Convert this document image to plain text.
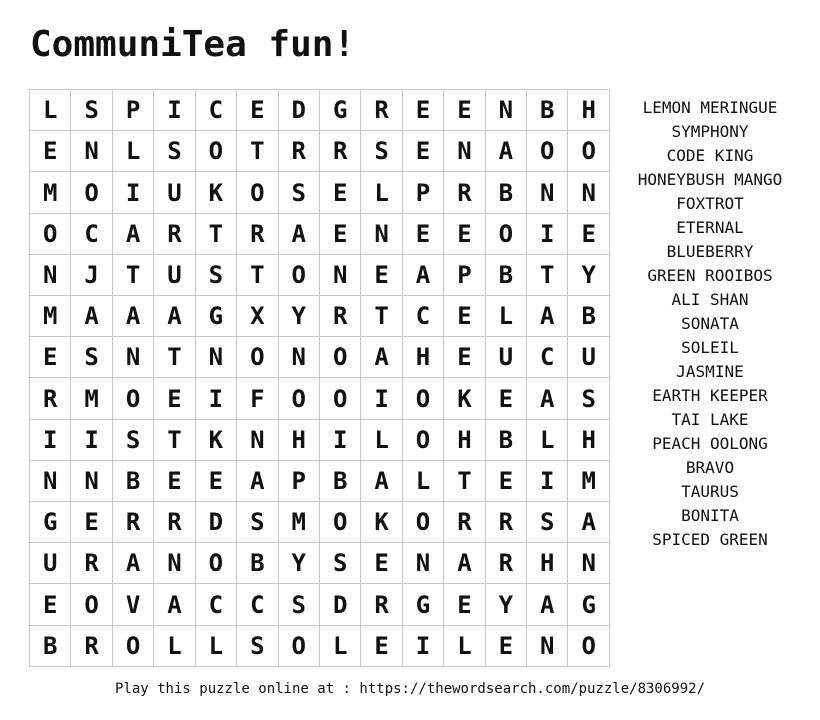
CommuniTea fun!
L	S	P	I	C	E	D	G	R	E	E	N	B	H
E	N	L	S	O	T	R	R	S	E	N	A	O	O
M	O	I	U	K	O	S	E	L	P	R	B	N	N
O	C	A	R	T	R	A	E	N	E	E	O	I	E
N	J	T	U	S	T	O	N	E	A	P	B	T	Y
M	A	A	A	G	X	Y	R	T	C	E	L	A	B
E	S	N	T	N	O	N	O	A	H	E	U	C	U
R	M	O	E	I	F	O	O	I	O	K	E	A	S
I	I	S	T	K	N	H	I	L	O	H	B	L	H
N	N	B	E	E	A	P	B	A	L	T	E	I	M
G	E	R	R	D	S	M	O	K	O	R	R	S	A
U	R	A	N	O	B	Y	S	E	N	A	R	H	N
E	O	V	A	C	C	S	D	R	G	E	Y	A	G
B	R	O	L	L	S	O	L	E	I	L	E	N	O
LEMON MERINGUE
SYMPHONY
CODE KING
HONEYBUSH MANGO
FOXTROT
ETERNAL
BLUEBERRY
GREEN ROOIBOS
ALI SHAN
SONATA
SOLEIL
JASMINE
EARTH KEEPER
TAI LAKE
PEACH OOLONG
BRAVO
TAURUS
BONITA
SPICED GREEN
Play this puzzle online at : https://thewordsearch.com/puzzle/8306992/
